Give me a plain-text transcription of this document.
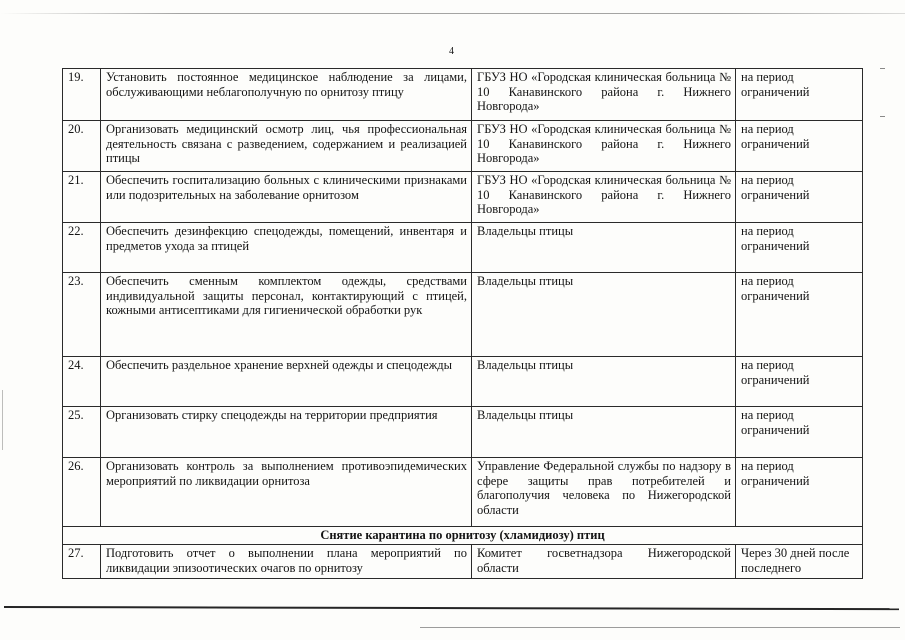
4
19.	Установить постоянное медицинское наблюдение за лицами, обслуживающими неблагополучную по орнитозу птицу	ГБУЗ НО «Городская клиническая больница № 10 Канавинского района г. Нижнего Новгорода»	на период ограничений
20.	Организовать медицинский осмотр лиц, чья профессиональная деятельность связана с разведением, содержанием и реализацией птицы	ГБУЗ НО «Городская клиническая больница № 10 Канавинского района г. Нижнего Новгорода»	на период ограничений
21.	Обеспечить госпитализацию больных с клиническими признаками или подозрительных на заболевание орнитозом	ГБУЗ НО «Городская клиническая больница № 10 Канавинского района г. Нижнего Новгорода»	на период ограничений
22.	Обеспечить дезинфекцию спецодежды, помещений, инвентаря и предметов ухода за птицей	Владельцы птицы	на период ограничений
23.	Обеспечить сменным комплектом одежды, средствами индивидуальной защиты персонал, контактирующий с птицей, кожными антисептиками для гигиенической обработки рук	Владельцы птицы	на период ограничений
24.	Обеспечить раздельное хранение верхней одежды и спецодежды	Владельцы птицы	на период ограничений
25.	Организовать стирку спецодежды на территории предприятия	Владельцы птицы	на период ограничений
26.	Организовать контроль за выполнением противоэпидемических мероприятий по ликвидации орнитоза	Управление Федеральной службы по надзору в сфере защиты прав потребителей и благополучия человека по Нижегородской области	на период ограничений
Снятие карантина по орнитозу (хламидиозу) птиц			
27.	Подготовить отчет о выполнении плана мероприятий по ликвидации эпизоотических очагов по орнитозу	Комитет госветнадзора Нижегородской области	Через 30 дней после последнего
